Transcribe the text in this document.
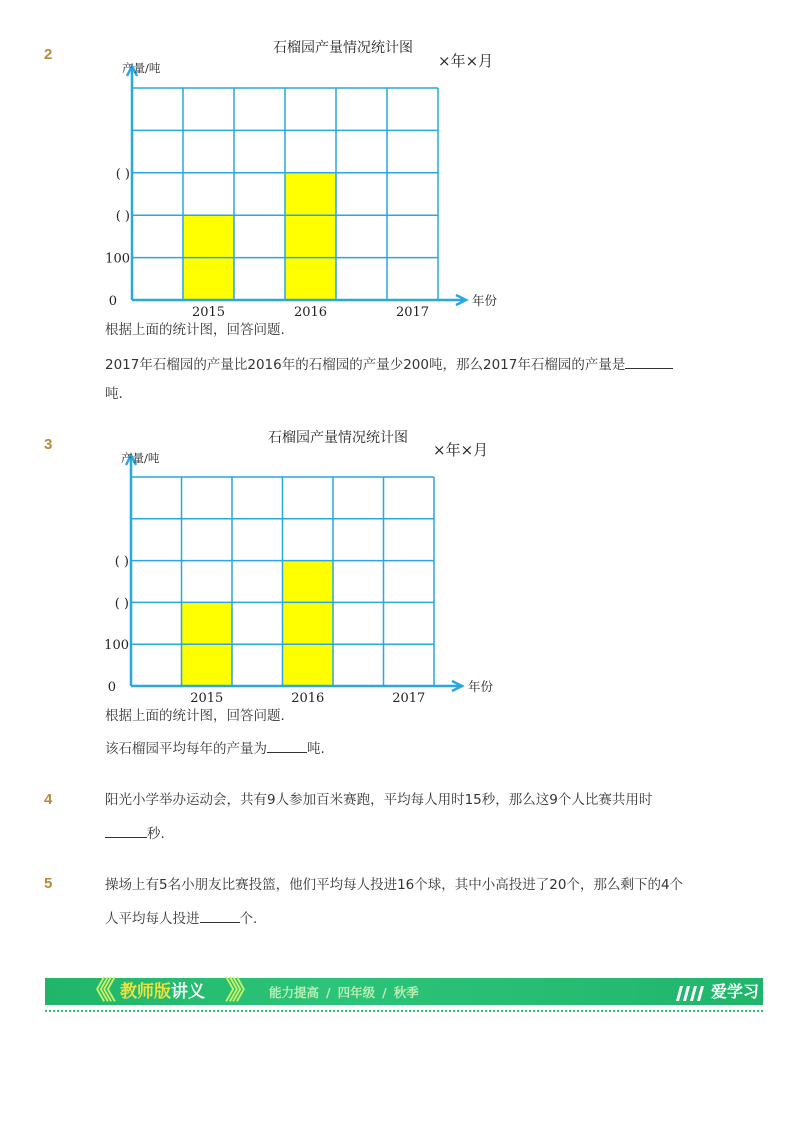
2	石榴园产量情况统计图
×年×月
产量/吨
年份
0
100
( )
( )
2015	2016	2017
根据上面的统计图，回答问题.
2017年石榴园的产量比2016年的石榴园的产量少200吨，那么2017年石榴园的产量是
吨.
3	石榴园产量情况统计图
×年×月
产量/吨
年份
0
100
( )
( )
2015	2016	2017
根据上面的统计图，回答问题.
该石榴园平均每年的产量为	吨.
4	阳光小学举办运动会，共有9人参加百米赛跑，平均每人用时15秒，那么这9个人比赛共用时
秒.
5	操场上有5名小朋友比赛投篮，他们平均每人投进16个球，其中小高投进了20个，那么剩下的4个
人平均每人投进	个.
《《	》》
教师版讲义	能力提高 / 四年级 / 秋季	爱学习
